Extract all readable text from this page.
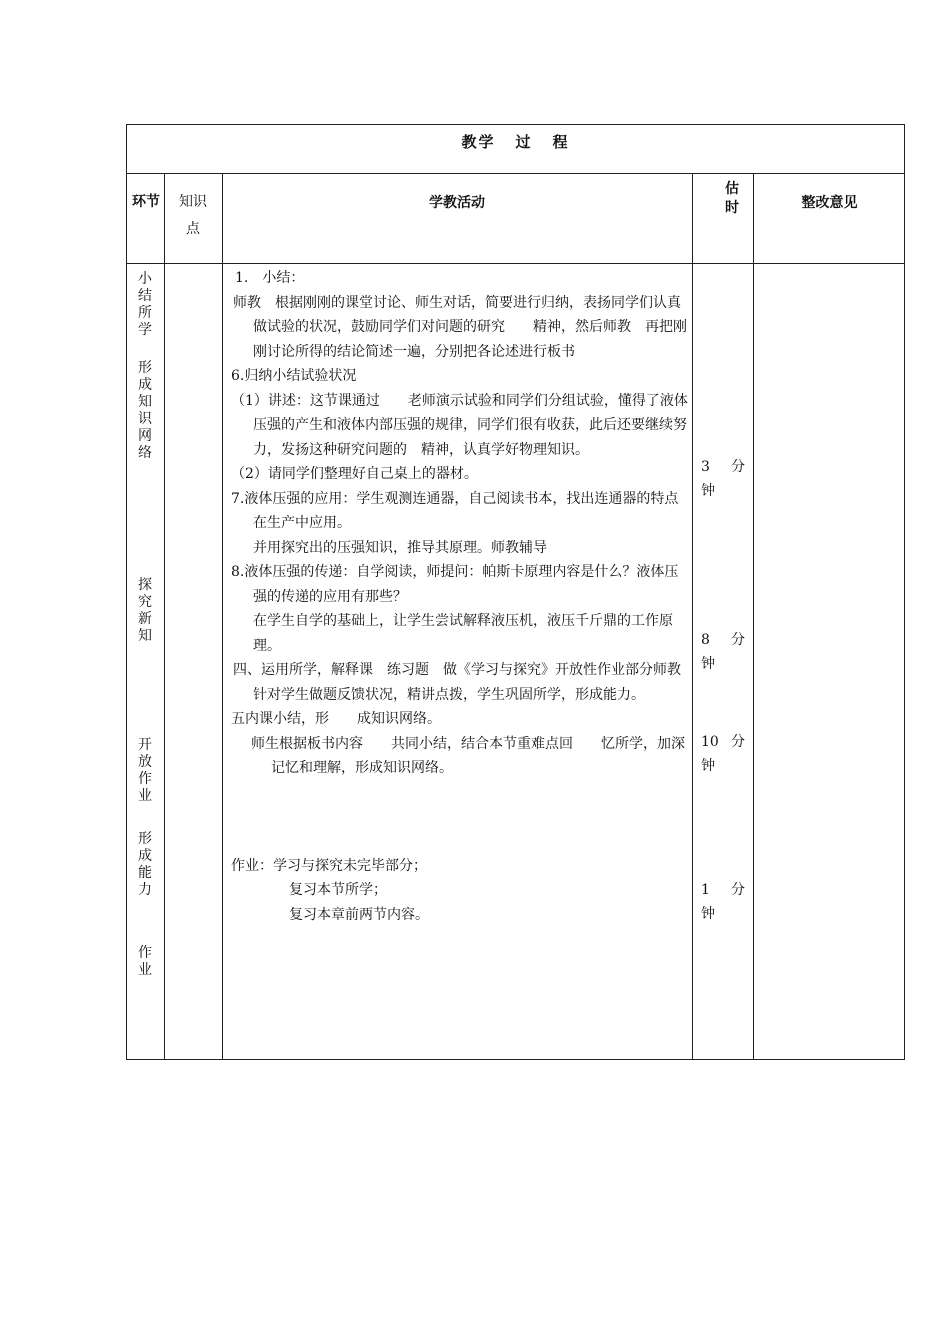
教学 过 程
环节	知识点
学教活动
估时	整改意见
小结所学
形成知识网络
探究新知
开放作业
形成能力
作业

1.　小结：

师教　根据刚刚的课堂讨论、师生对话，简要进行归纳，表扬同学们认真做试验的状况，鼓励同学们对问题的研究　　精神，然后师教　再把刚刚讨论所得的结论简述一遍，分别把各论述进行板书

6.归纳小结试验状况

（1）讲述：这节课通过　　老师演示试验和同学们分组试验，懂得了液体压强的产生和液体内部压强的规律，同学们很有收获，此后还要继续努力，发扬这种研究问题的　精神，认真学好物理知识。

（2）请同学们整理好自己桌上的器材。

7.液体压强的应用：学生观测连通器，自己阅读书本，找出连通器的特点在生产中应用。

并用探究出的压强知识，推导其原理。师教辅导

8.液体压强的传递：自学阅读，师提问：帕斯卡原理内容是什么？液体压强的传递的应用有那些？

在学生自学的基础上，让学生尝试解释液压机，液压千斤鼎的工作原理。

四、运用所学，解释课　练习题　做《学习与探究》开放性作业部分师教　针对学生做题反馈状况，精讲点拨，学生巩固所学，形成能力。

五内课小结，形　　成知识网络。

师生根据板书内容　　共同小结，结合本节重难点回　　忆所学，加深记忆和理解，形成知识网络。

作业：学习与探究未完毕部分；

复习本节所学；

复习本章前两节内容。

3 分
钟
8 分
钟
10 分
钟
1 分
钟
